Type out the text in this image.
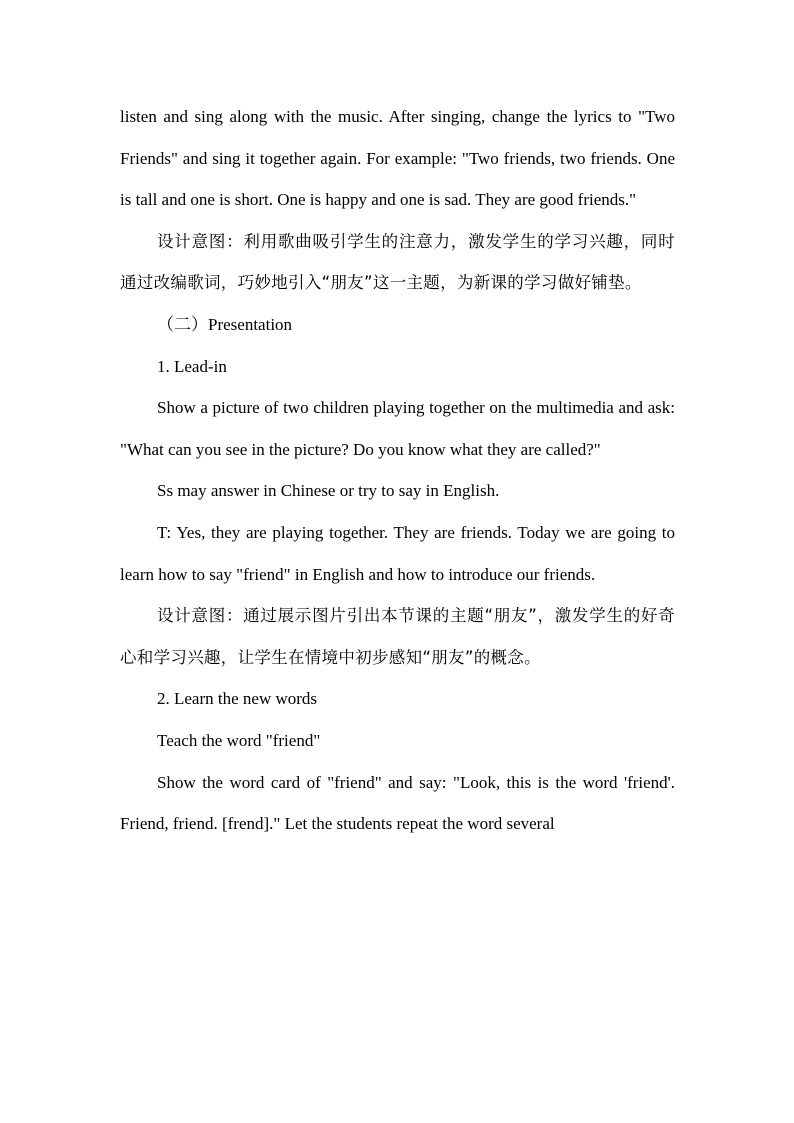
listen and sing along with the music. After singing, change the lyrics to "Two Friends" and sing it together again. For example: "Two friends, two friends. One is tall and one is short. One is happy and one is sad. They are good friends."

设计意图：利用歌曲吸引学生的注意力，激发学生的学习兴趣，同时通过改编歌词，巧妙地引入“朋友”这一主题，为新课的学习做好铺垫。

（二）Presentation

1. Lead-in

Show a picture of two children playing together on the multimedia and ask: "What can you see in the picture? Do you know what they are called?"

Ss may answer in Chinese or try to say in English.

T: Yes, they are playing together. They are friends. Today we are going to learn how to say "friend" in English and how to introduce our friends.

设计意图：通过展示图片引出本节课的主题“朋友”，激发学生的好奇心和学习兴趣，让学生在情境中初步感知“朋友”的概念。

2. Learn the new words

Teach the word "friend"

Show the word card of "friend" and say: "Look, this is the word 'friend'. Friend, friend. [frend]." Let the students repeat the word several
